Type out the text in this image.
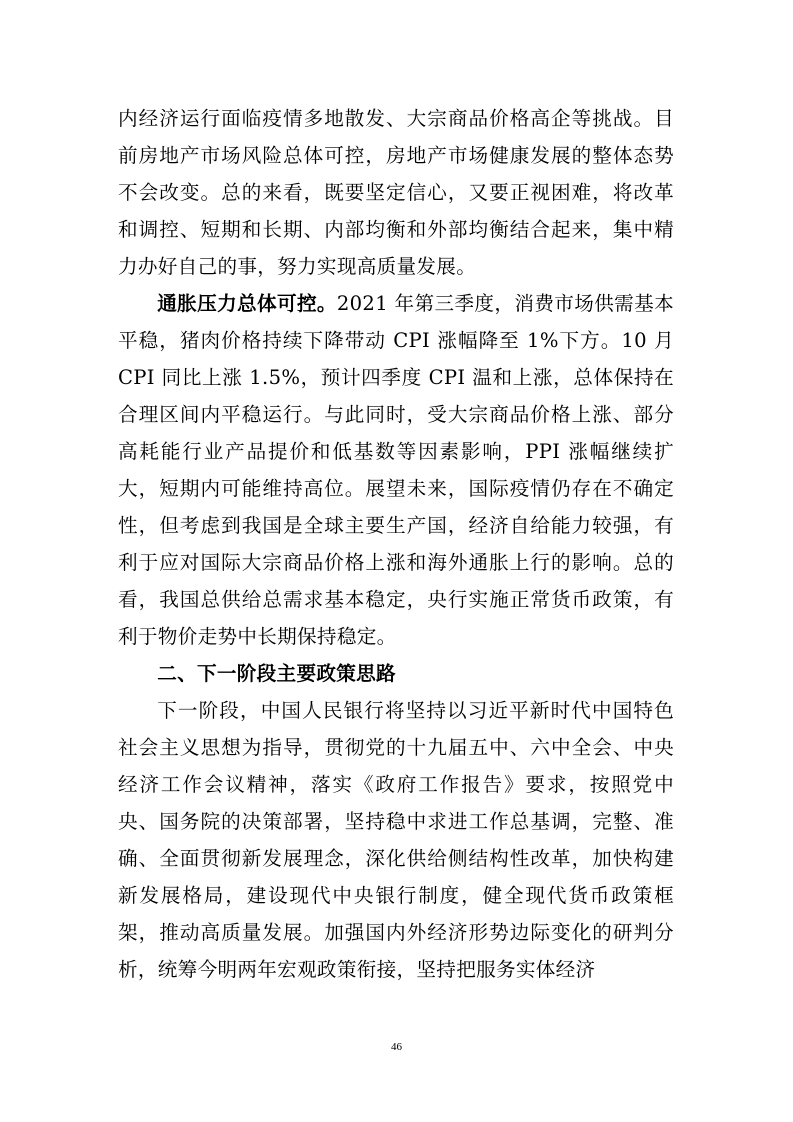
内经济运行面临疫情多地散发、大宗商品价格高企等挑战。目前房地产市场风险总体可控，房地产市场健康发展的整体态势不会改变。总的来看，既要坚定信心，又要正视困难，将改革和调控、短期和长期、内部均衡和外部均衡结合起来，集中精力办好自己的事，努力实现高质量发展。

通胀压力总体可控。2021 年第三季度，消费市场供需基本平稳，猪肉价格持续下降带动 CPI 涨幅降至 1%下方。10 月 CPI 同比上涨 1.5%，预计四季度 CPI 温和上涨，总体保持在合理区间内平稳运行。与此同时，受大宗商品价格上涨、部分高耗能行业产品提价和低基数等因素影响，PPI 涨幅继续扩大，短期内可能维持高位。展望未来，国际疫情仍存在不确定性，但考虑到我国是全球主要生产国，经济自给能力较强，有利于应对国际大宗商品价格上涨和海外通胀上行的影响。总的看，我国总供给总需求基本稳定，央行实施正常货币政策，有利于物价走势中长期保持稳定。

二、下一阶段主要政策思路

下一阶段，中国人民银行将坚持以习近平新时代中国特色社会主义思想为指导，贯彻党的十九届五中、六中全会、中央经济工作会议精神，落实《政府工作报告》要求，按照党中央、国务院的决策部署，坚持稳中求进工作总基调，完整、准确、全面贯彻新发展理念，深化供给侧结构性改革，加快构建新发展格局，建设现代中央银行制度，健全现代货币政策框架，推动高质量发展。加强国内外经济形势边际变化的研判分析，统筹今明两年宏观政策衔接，坚持把服务实体经济

46
